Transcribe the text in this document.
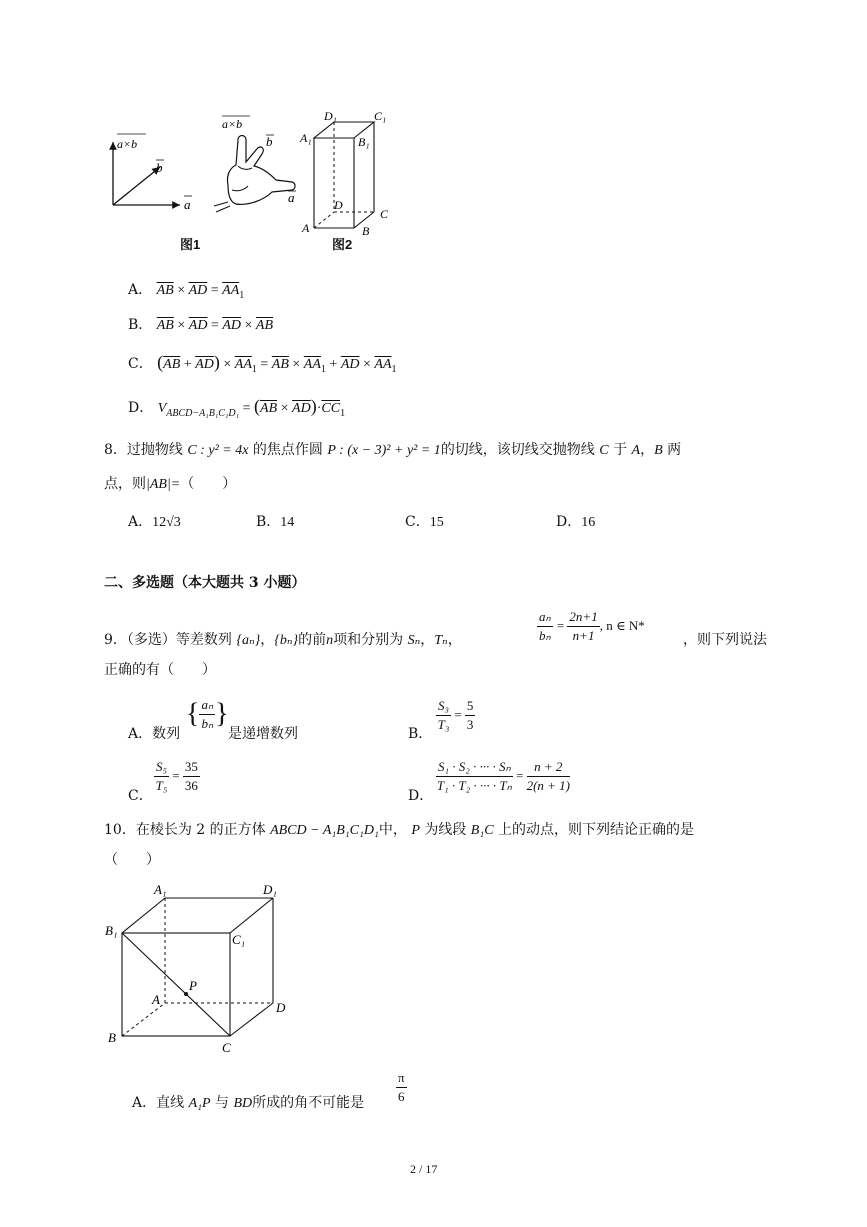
a×b
b
a
a×b
b
a
D₁	C₁
A₁	B₁
D
C
A	B
图1	图2
A． $\overline{AB} \times \overline{AD} = \overline{AA}_1$
B． $\overline{AB} \times \overline{AD} = \overline{AD} \times \overline{AB}$
C． $(\overline{AB} + \overline{AD}) \times \overline{AA}_1 = \overline{AB} \times \overline{AA}_1 + \overline{AD} \times \overline{AA}_1$
D． $V_{ABCD-A_1B_1C_1D_1} = (\overline{AB} \times \overline{AD})\cdot\overline{CC}_1$
8．过抛物线 C : y² = 4x 的焦点作圆 P : (x − 3)² + y² = 1的切线，该切线交抛物线 C 于 A，B 两
点，则|AB|=（　　）
A．12√3	B．14	C．15	D．16
二、多选题（本大题共 3 小题）
9．（多选）等差数列 {aₙ}，{bₙ}的前n项和分别为 Sₙ，Tₙ，	$\frac{\text{aₙ}}{\text{bₙ}} = \frac{2n+1}{n+1}$ , n ∈ N*
，则下列说法
正确的有（　　）
A．数列
{ $\frac{\text{aₙ}}{\text{bₙ}}$ }
是递增数列	B． $\frac{\text{S₃}}{\text{T₃}} = \frac{5}{3}$
C．
$\frac{\text{S₅}}{\text{T₅}} = \frac{35}{36}$
D．
$\frac{\text{S₁ · S₂ · ··· · Sₙ}}{\text{T₁ · T₂ · ··· · Tₙ}} = \frac{n + 2}{2(n + 1)}$
10．在棱长为 2 的正方体 ABCD − A₁B₁C₁D₁中， P 为线段 B₁C 上的动点，则下列结论正确的是
（　　）
A₁	D₁
B₁
C₁
P
A
D
B
C
A．直线 A₁P 与 BD所成的角不可能是 $\frac{\pi}{6}$
2 / 17
